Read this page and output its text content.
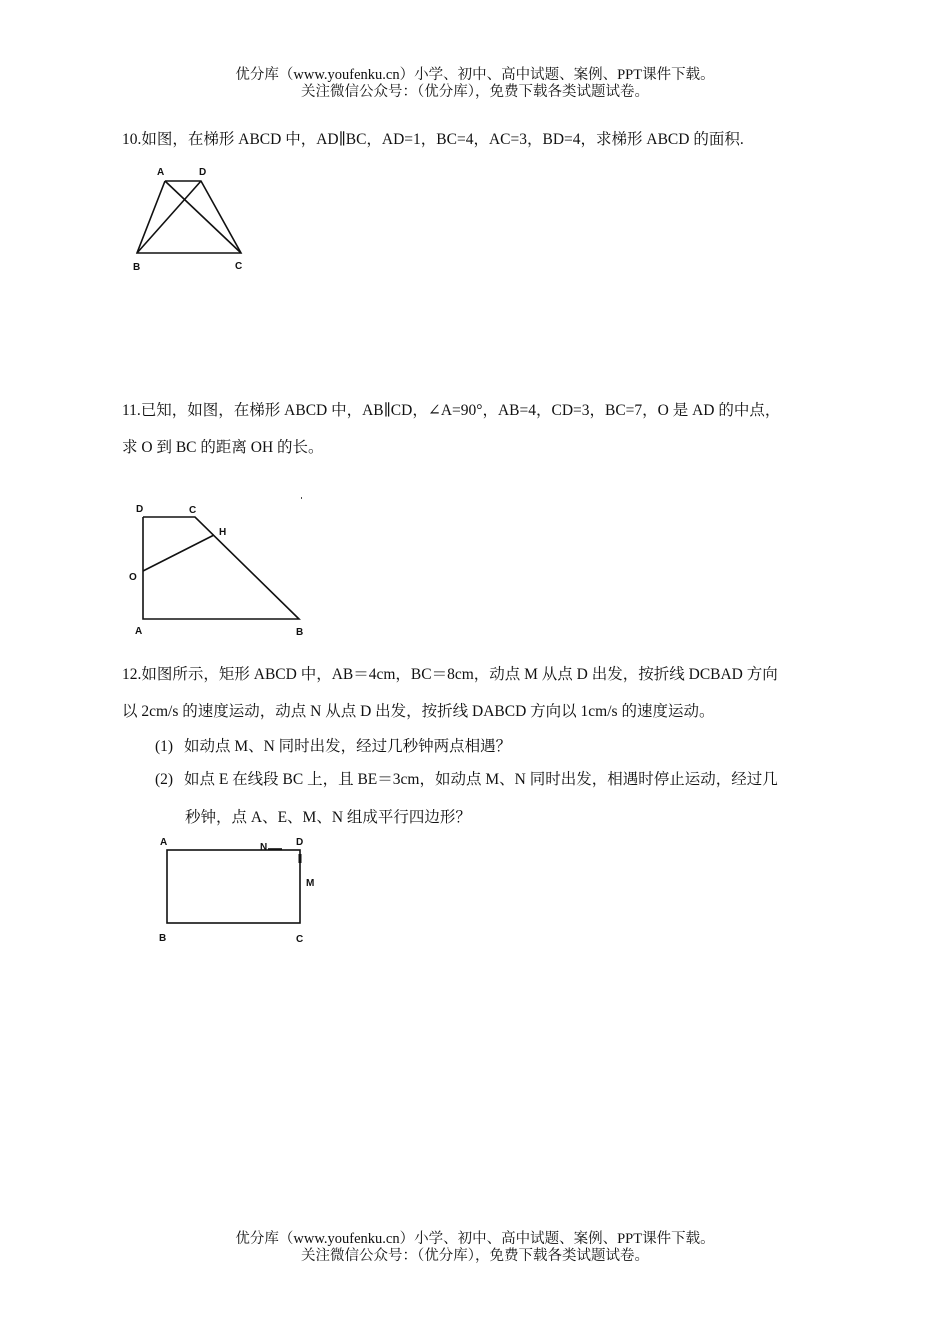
优分库（www.youfenku.cn）小学、初中、高中试题、案例、PPT课件下载。
关注微信公众号：（优分库），免费下载各类试题试卷。
10.如图，在梯形 ABCD 中，AD∥BC，AD=1，BC=4，AC=3，BD=4，求梯形 ABCD 的面积.
A	D
B	C
11.已知，如图，在梯形 ABCD 中，AB∥CD，∠A=90°，AB=4，CD=3，BC=7，O 是 AD 的中点，
求 O 到 BC 的距离 OH 的长。
D	C
H
O
A	B
12.如图所示，矩形 ABCD 中，AB＝4cm，BC＝8cm，动点 M 从点 D 出发，按折线 DCBAD 方向
以 2cm/s 的速度运动，动点 N 从点 D 出发，按折线 DABCD 方向以 1cm/s 的速度运动。
(1) 如动点 M、N 同时出发，经过几秒钟两点相遇？
(2) 如点 E 在线段 BC 上，且 BE＝3cm，如动点 M、N 同时出发，相遇时停止运动，经过几
秒钟，点 A、E、M、N 组成平行四边形？
A	N	D
M
B	C
优分库（www.youfenku.cn）小学、初中、高中试题、案例、PPT课件下载。
关注微信公众号：（优分库），免费下载各类试题试卷。
